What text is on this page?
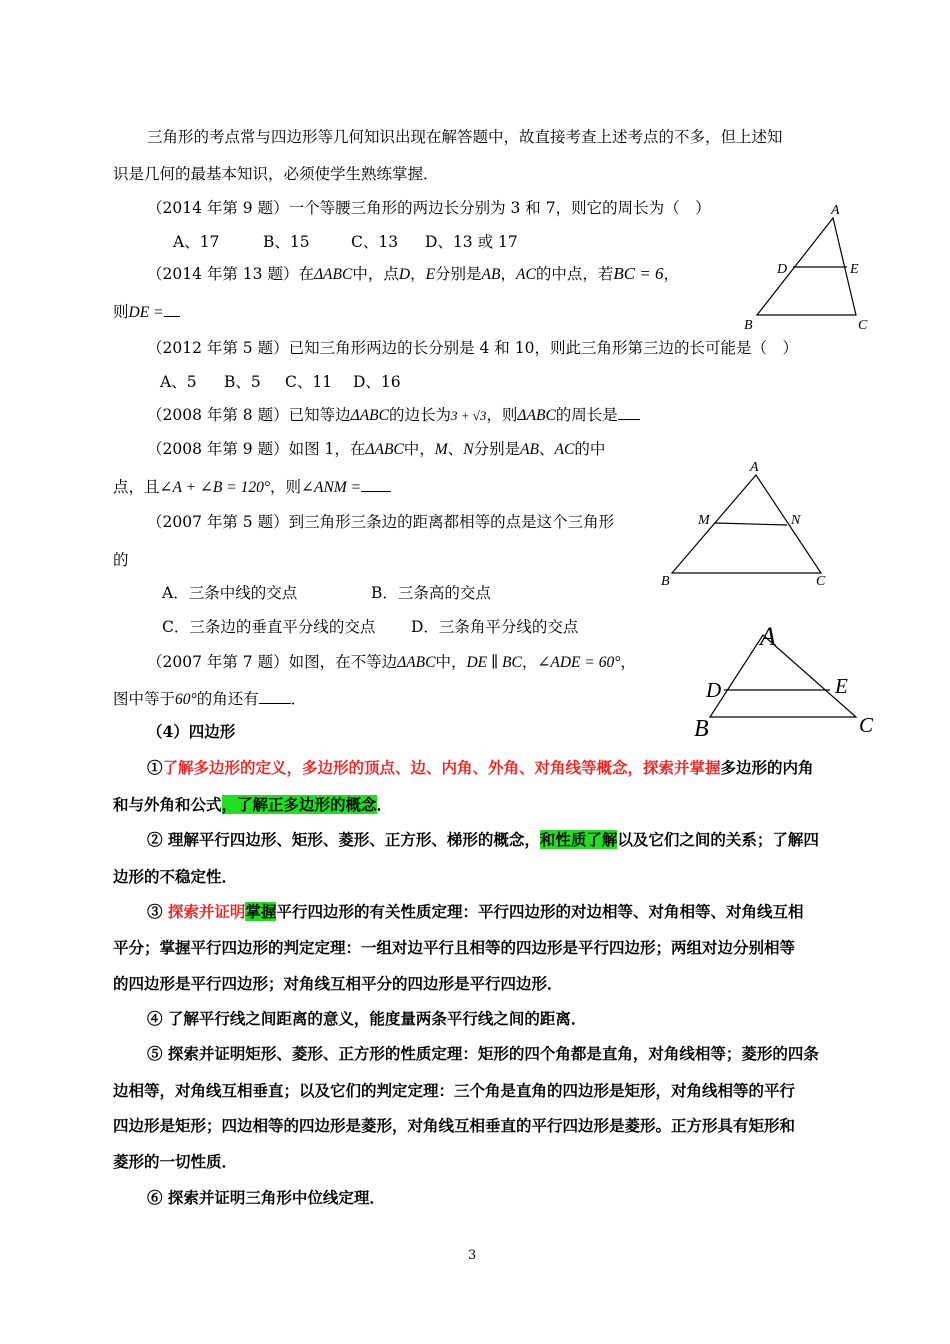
三角形的考点常与四边形等几何知识出现在解答题中，故直接考查上述考点的不多，但上述知
识是几何的最基本知识，必须使学生熟练掌握．
（2014 年第 9 题）一个等腰三角形的两边长分别为 3 和 7，则它的周长为（　）
A、17	B、15	C、13 D、13 或 17
（2014 年第 13 题）在ΔABC中，点D，E分别是AB，AC的中点，若BC = 6，
则DE =
（2012 年第 5 题）已知三角形两边的长分别是 4 和 10，则此三角形第三边的长可能是（　）
A、5 B、5 C、11 D、16
（2008 年第 8 题）已知等边ΔABC的边长为3 + √3，则ΔABC的周长是
（2008 年第 9 题）如图 1，在ΔABC中，M、N分别是AB、AC的中
点，且∠A + ∠B = 120°，则∠ANM =
（2007 年第 5 题）到三角形三条边的距离都相等的点是这个三角形
的
A．三条中线的交点	B．三条高的交点
C．三条边的垂直平分线的交点 D．三条角平分线的交点
（2007 年第 7 题）如图，在不等边ΔABC中，DE ∥ BC，∠ADE = 60°，
图中等于60°的角还有 ．
（4）四边形
①了解多边形的定义，多边形的顶点、边、内角、外角、对角线等概念，探索并掌握多边形的内角
和与外角和公式，了解正多边形的概念．
② 理解平行四边形、矩形、菱形、正方形、梯形的概念，和性质了解以及它们之间的关系；了解四
边形的不稳定性．
③ 探索并证明掌握平行四边形的有关性质定理：平行四边形的对边相等、对角相等、对角线互相
平分；掌握平行四边形的判定定理：一组对边平行且相等的四边形是平行四边形；两组对边分别相等
的四边形是平行四边形；对角线互相平分的四边形是平行四边形．
④ 了解平行线之间距离的意义，能度量两条平行线之间的距离．
⑤ 探索并证明矩形、菱形、正方形的性质定理：矩形的四个角都是直角，对角线相等；菱形的四条
边相等，对角线互相垂直；以及它们的判定定理：三个角是直角的四边形是矩形，对角线相等的平行
四边形是矩形；四边相等的四边形是菱形，对角线互相垂直的平行四边形是菱形。正方形具有矩形和
菱形的一切性质．
⑥ 探索并证明三角形中位线定理．
3
A
D	E
B	C
A
M	N
B	C
A
D	E
B	C
